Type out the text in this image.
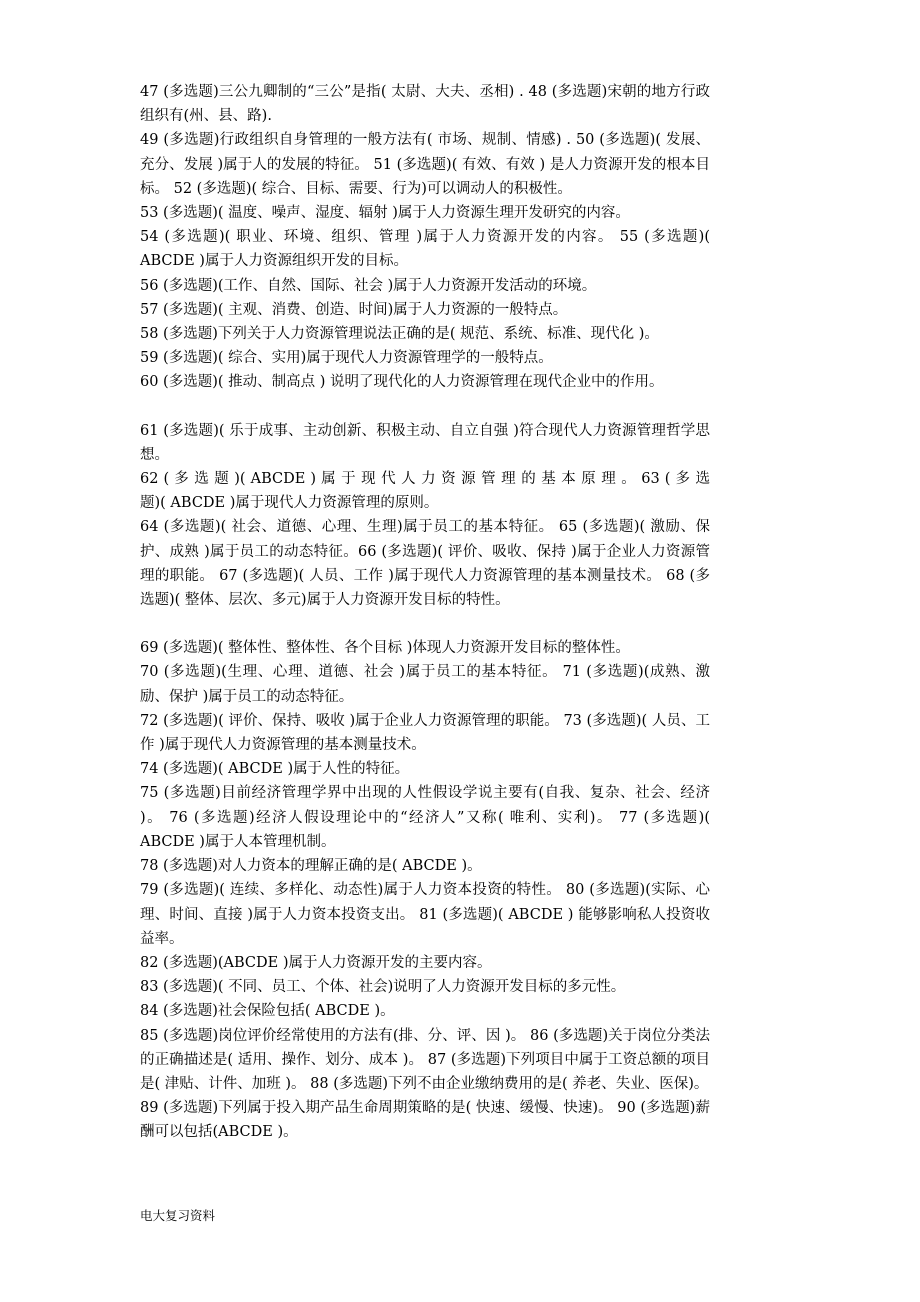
47 (多选题)三公九卿制的“三公”是指( 太尉、大夫、丞相) . 48 (多选题)宋朝的地方行政组织有(州、县、路).

49 (多选题)行政组织自身管理的一般方法有( 市场、规制、情感) . 50 (多选题)( 发展、充分、发展 )属于人的发展的特征。 51 (多选题)( 有效、有效 ) 是人力资源开发的根本目标。 52 (多选题)( 综合、目标、需要、行为)可以调动人的积极性。

53 (多选题)( 温度、噪声、湿度、辐射 )属于人力资源生理开发研究的内容。

54 (多选题)( 职业、环境、组织、管理 )属于人力资源开发的内容。 55 (多选题)( ABCDE )属于人力资源组织开发的目标。

56 (多选题)(工作、自然、国际、社会 )属于人力资源开发活动的环境。

57 (多选题)( 主观、消费、创造、时间)属于人力资源的一般特点。

58 (多选题)下列关于人力资源管理说法正确的是( 规范、系统、标准、现代化 )。

59 (多选题)( 综合、实用)属于现代人力资源管理学的一般特点。

60 (多选题)( 推动、制高点 ) 说明了现代化的人力资源管理在现代企业中的作用。

61 (多选题)( 乐于成事、主动创新、积极主动、自立自强 )符合现代人力资源管理哲学思想。

62 ( 多 选 题 )( ABCDE ) 属 于 现 代 人 力 资 源 管 理 的 基 本 原 理 。 63 ( 多 选 题)( ABCDE )属于现代人力资源管理的原则。

64 (多选题)( 社会、道德、心理、生理)属于员工的基本特征。 65 (多选题)( 激励、保护、成熟 )属于员工的动态特征。66 (多选题)( 评价、吸收、保持 )属于企业人力资源管理的职能。 67 (多选题)( 人员、工作 )属于现代人力资源管理的基本测量技术。 68 (多选题)( 整体、层次、多元)属于人力资源开发目标的特性。

69 (多选题)( 整体性、整体性、各个目标 )体现人力资源开发目标的整体性。

70 (多选题)(生理、心理、道德、社会 )属于员工的基本特征。 71 (多选题)(成熟、激励、保护 )属于员工的动态特征。

72 (多选题)( 评价、保持、吸收 )属于企业人力资源管理的职能。 73 (多选题)( 人员、工作 )属于现代人力资源管理的基本测量技术。

74 (多选题)( ABCDE )属于人性的特征。

75 (多选题)目前经济管理学界中出现的人性假设学说主要有(自我、复杂、社会、经济 )。 76 (多选题)经济人假设理论中的“经济人”又称( 唯利、实利)。 77 (多选题)( ABCDE )属于人本管理机制。

78 (多选题)对人力资本的理解正确的是( ABCDE )。

79 (多选题)( 连续、多样化、动态性)属于人力资本投资的特性。 80 (多选题)(实际、心理、时间、直接 )属于人力资本投资支出。 81 (多选题)( ABCDE ) 能够影响私人投资收益率。

82 (多选题)(ABCDE )属于人力资源开发的主要内容。

83 (多选题)( 不同、员工、个体、社会)说明了人力资源开发目标的多元性。

84 (多选题)社会保险包括( ABCDE )。

85 (多选题)岗位评价经常使用的方法有(排、分、评、因 )。 86 (多选题)关于岗位分类法的正确描述是( 适用、操作、划分、成本 )。 87 (多选题)下列项目中属于工资总额的项目是( 津贴、计件、加班 )。 88 (多选题)下列不由企业缴纳费用的是( 养老、失业、医保)。

89 (多选题)下列属于投入期产品生命周期策略的是( 快速、缓慢、快速)。 90 (多选题)薪酬可以包括(ABCDE )。

电大复习资料
